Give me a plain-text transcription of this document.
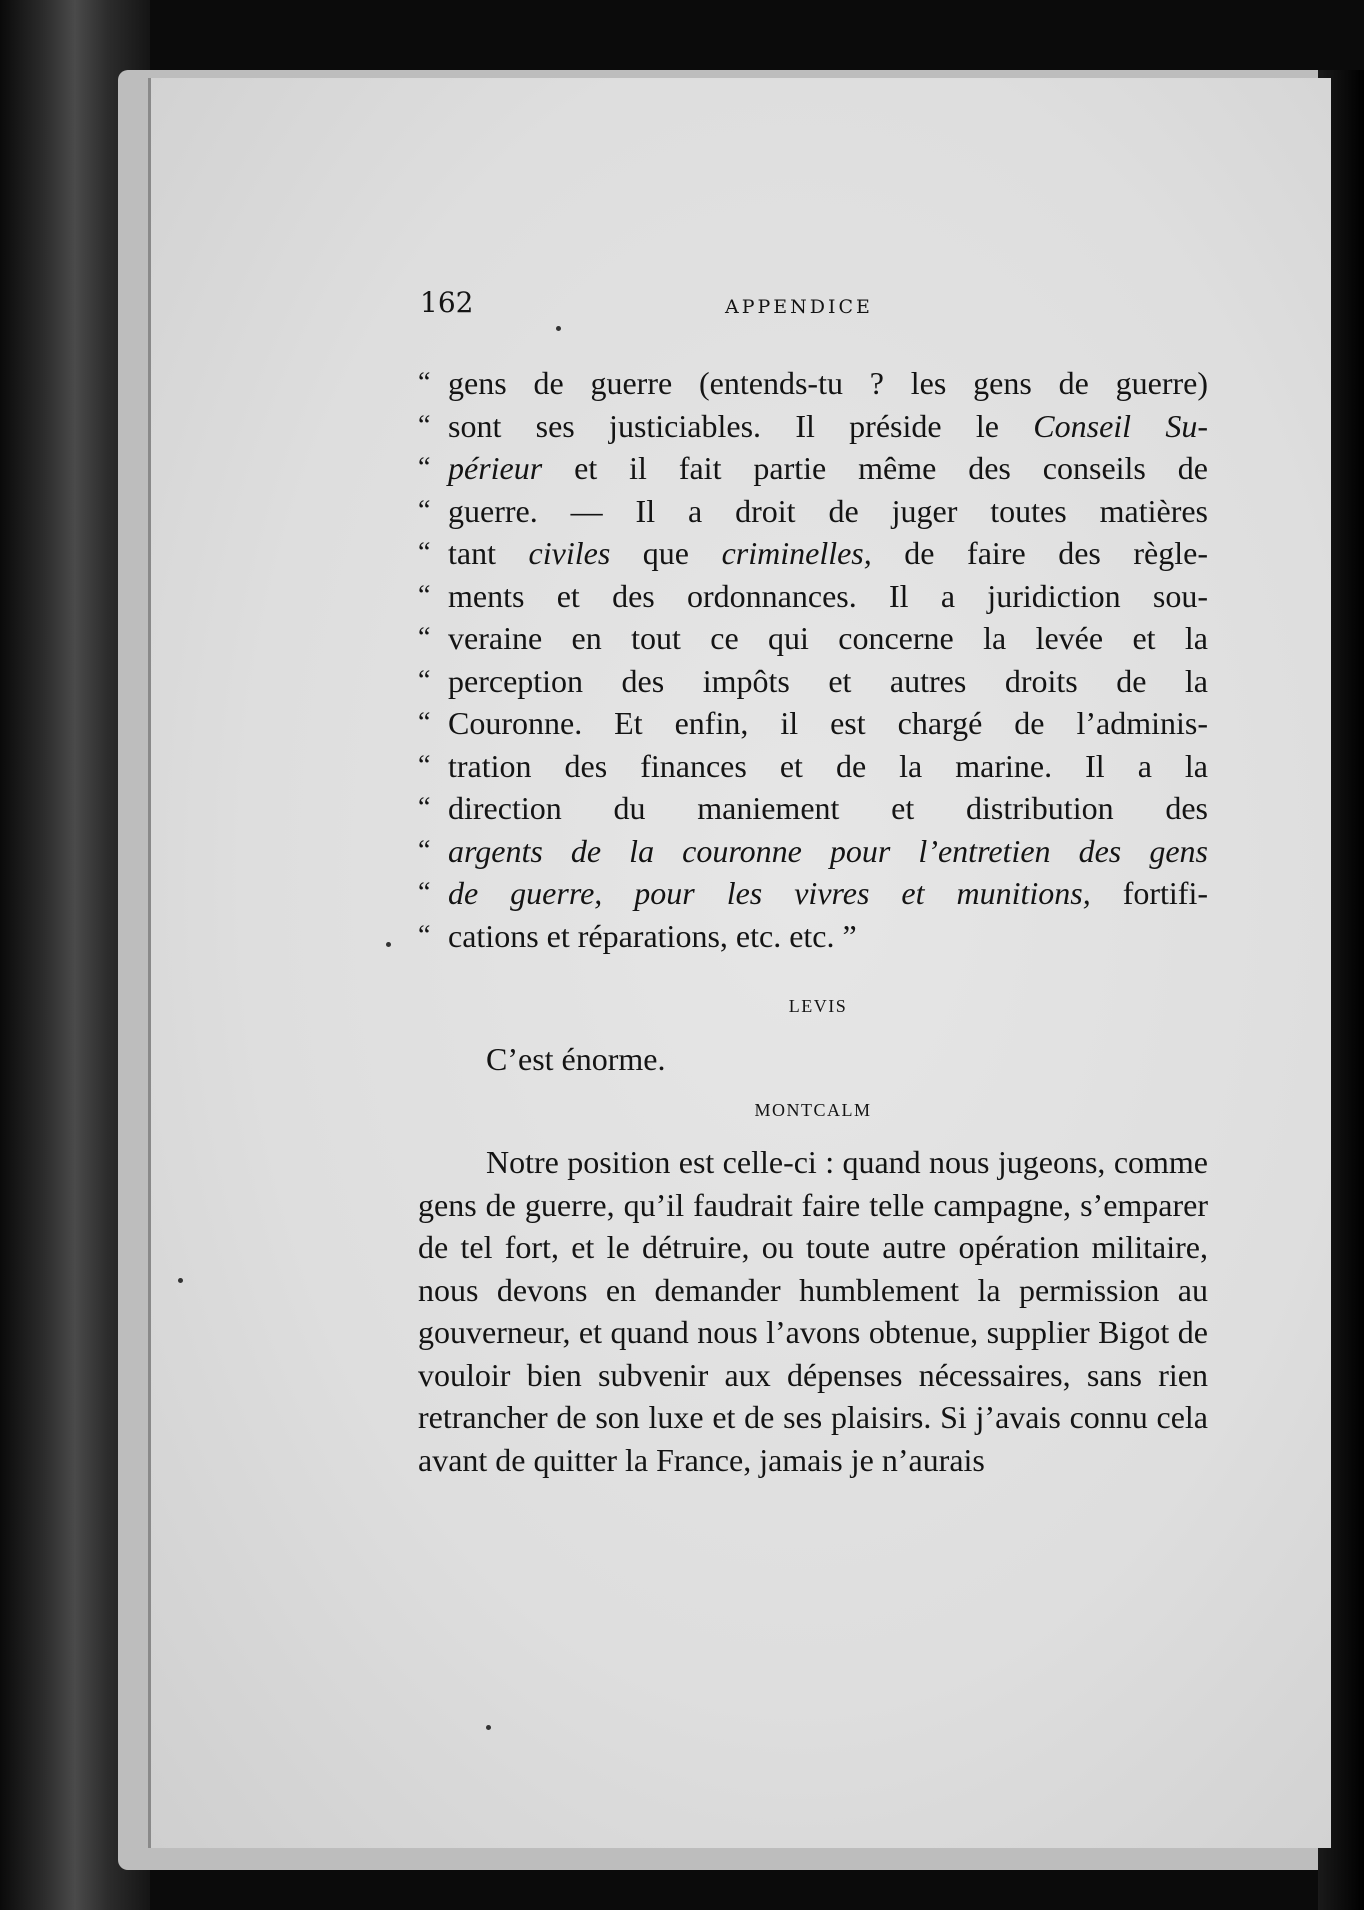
162	APPENDICE
“ gens de guerre (entends-tu ? les gens de guerre)
“ sont ses justiciables. Il préside le Conseil Su-
“ périeur et il fait partie même des conseils de
“ guerre. — Il a droit de juger toutes matières
“ tant civiles que criminelles, de faire des règle-
“ ments et des ordonnances. Il a juridiction sou-
“ veraine en tout ce qui concerne la levée et la
“ perception des impôts et autres droits de la
“ Couronne. Et enfin, il est chargé de l’adminis-
“ tration des finances et de la marine. Il a la
“ direction du maniement et distribution des
“ argents de la couronne pour l’entretien des gens
“ de guerre, pour les vivres et munitions, fortifi-
“ cations et réparations, etc. etc. ”
LEVIS
C’est énorme.
MONTCALM
Notre position est celle-ci : quand nous jugeons, comme gens de guerre, qu’il faudrait faire telle campagne, s’emparer de tel fort, et le détruire, ou toute autre opération militaire, nous devons en demander humblement la permission au gouverneur, et quand nous l’avons obtenue, supplier Bigot de vouloir bien subvenir aux dépenses nécessaires, sans rien retrancher de son luxe et de ses plaisirs. Si j’avais connu cela avant de quitter la France, jamais je n’aurais
